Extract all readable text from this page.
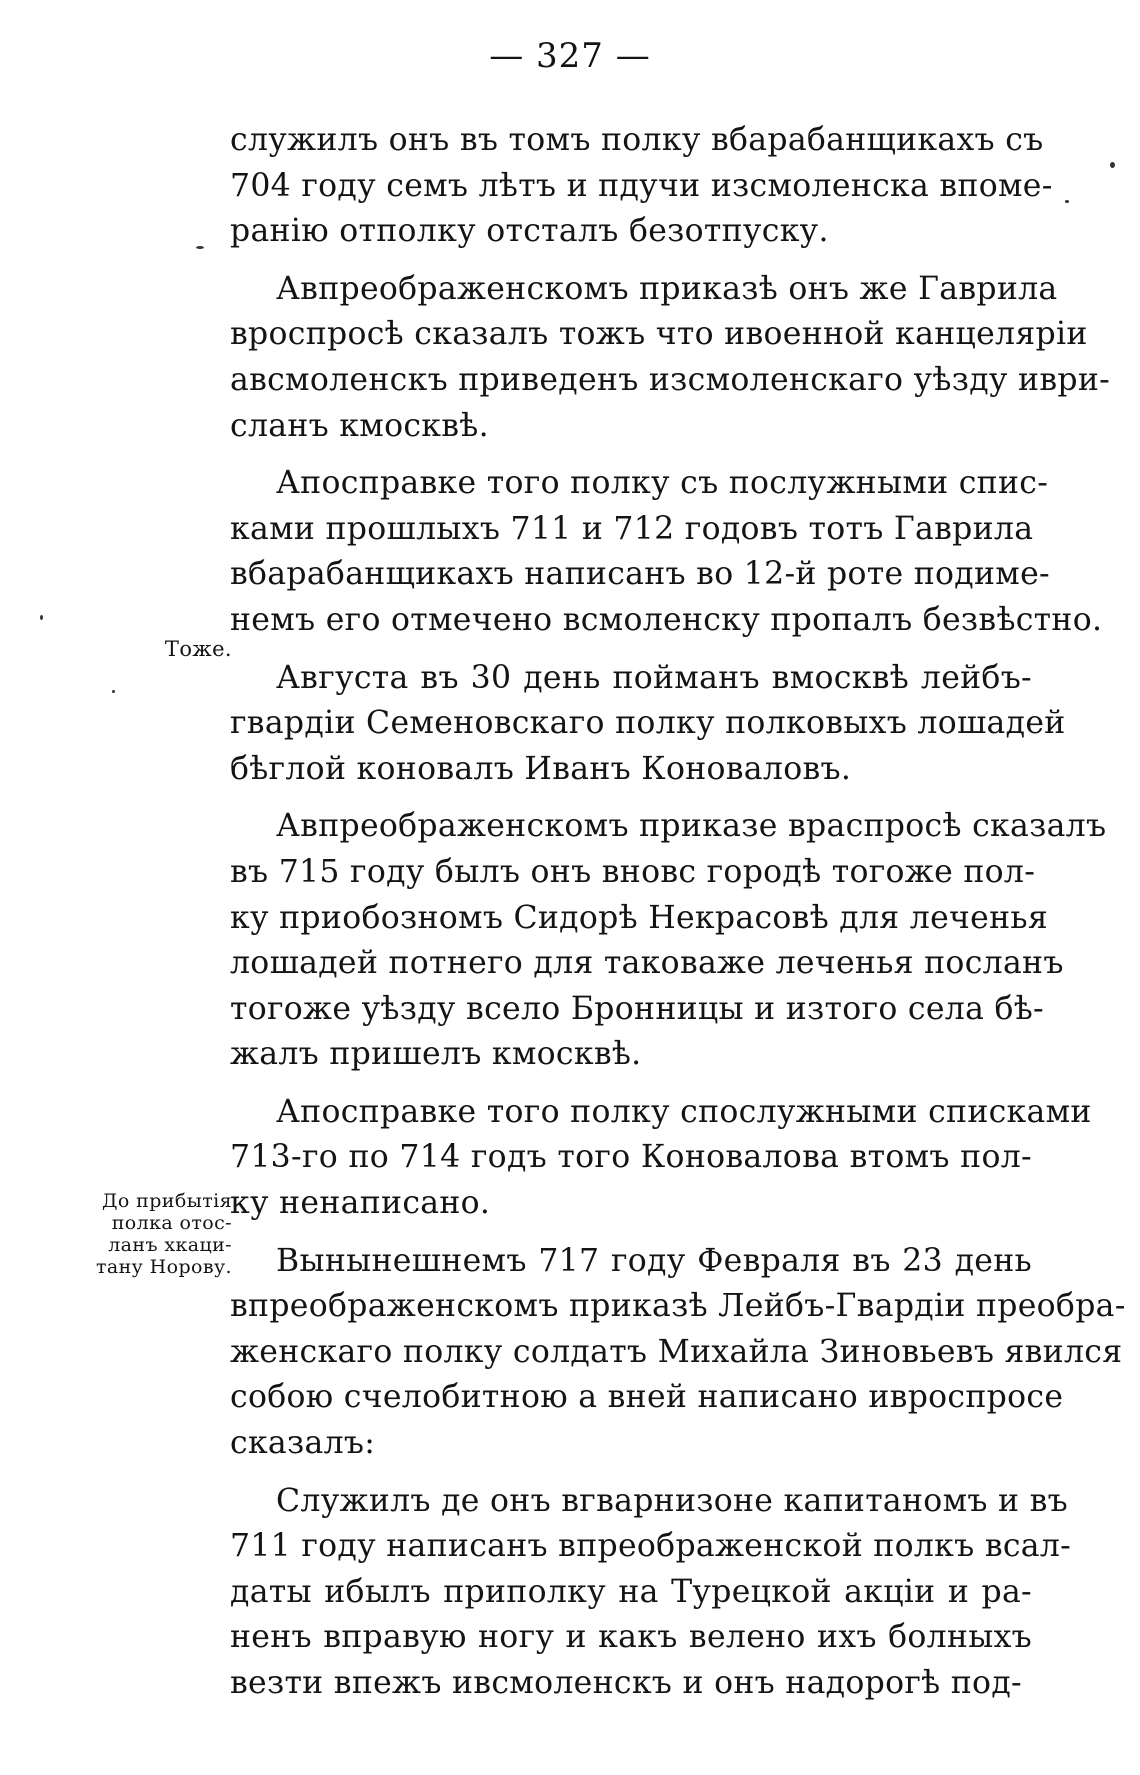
— 327 —
Тоже.
До прибытія
полка отос-
ланъ хкаци-
тану Норову.
служилъ онъ въ томъ полку вбарабанщикахъ съ
704 году семъ лѣтъ и пдучи изсмоленска впоме-
ранію отполку отсталъ безотпуску.
Авпреображенскомъ приказѣ онъ же Гаврила
вроспросѣ сказалъ тожъ что ивоенной канцеляріи
авсмоленскъ приведенъ изсмоленскаго уѣзду иври-
сланъ кмосквѣ.
Апосправке того полку съ послужными спис-
ками прошлыхъ 711 и 712 годовъ тотъ Гаврила
вбарабанщикахъ написанъ во 12-й роте подиме-
немъ его отмечено всмоленску пропалъ безвѣстно.
Августа въ 30 день пойманъ вмосквѣ лейбъ-
гвардіи Семеновскаго полку полковыхъ лошадей
бѣглой коновалъ Иванъ Коноваловъ.
Авпреображенскомъ приказе враспросѣ сказалъ
въ 715 году былъ онъ вновс городѣ тогоже пол-
ку приобозномъ Сидорѣ Некрасовѣ для леченья
лошадей потнего для таковаже леченья посланъ
тогоже уѣзду всело Бронницы и изтого села бѣ-
жалъ пришелъ кмосквѣ.
Апосправке того полку спослужными списками
713-го по 714 годъ того Коновалова втомъ пол-
ку ненаписано.
Вынынешнемъ 717 году Февраля въ 23 день
впреображенскомъ приказѣ Лейбъ-Гвардіи преобра-
женскаго полку солдатъ Михайла Зиновьевъ явился
собою счелобитною а вней написано ивроспросе
сказалъ:
Служилъ де онъ вгварнизоне капитаномъ и въ
711 году написанъ впреображенской полкъ всал-
даты ибылъ приполку на Турецкой акціи и ра-
ненъ вправую ногу и какъ велено ихъ болныхъ
везти впежъ ивсмоленскъ и онъ надорогѣ под-
